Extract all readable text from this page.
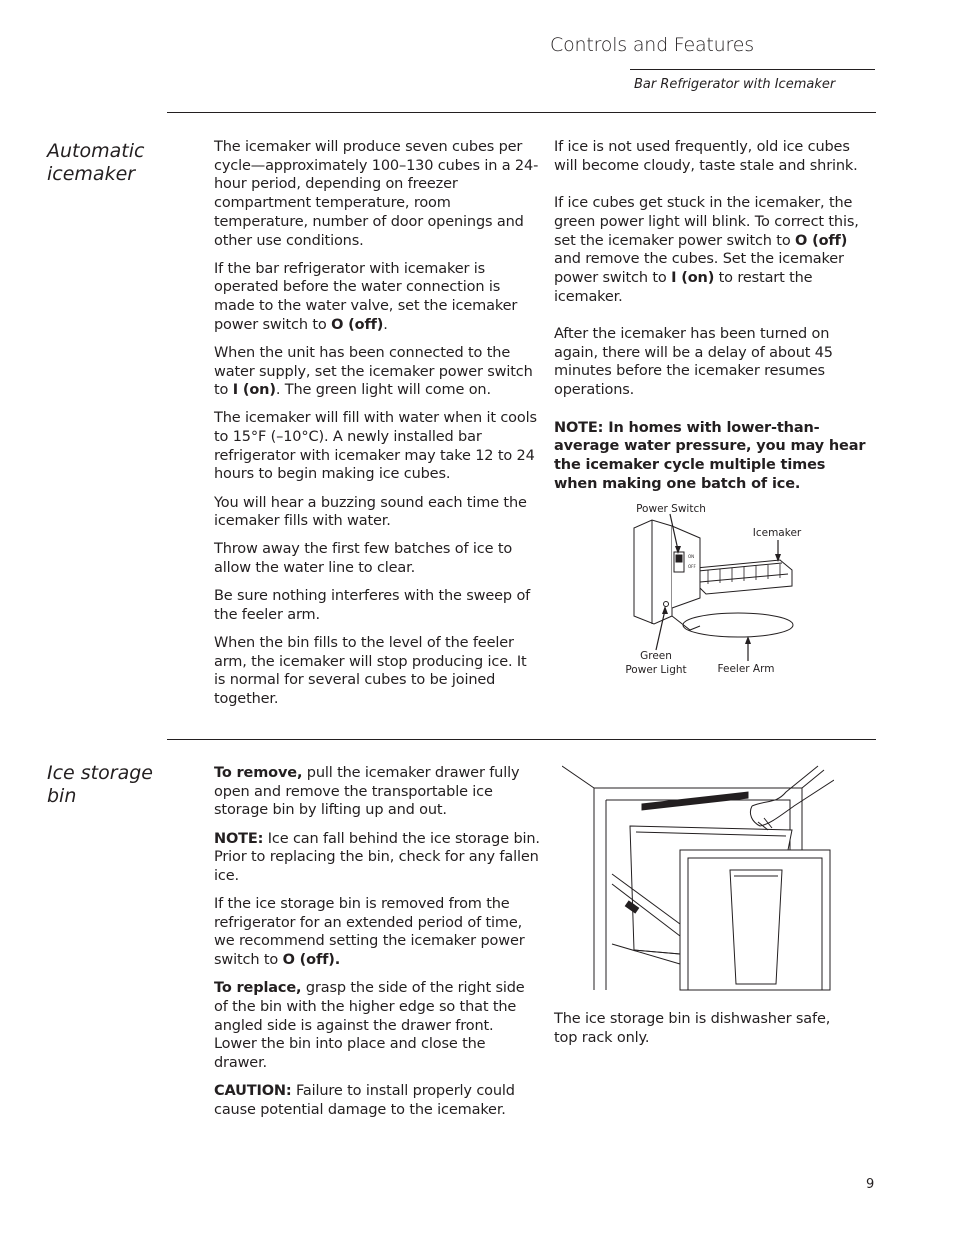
Controls and Features
Bar Refrigerator with Icemaker
Automatic
icemaker

The icemaker will produce seven cubes per cycle—approximately 100–130 cubes in a 24-hour period, depending on freezer compartment temperature, room temperature, number of door openings and other use conditions.

If the bar refrigerator with icemaker is operated before the water connection is made to the water valve, set the icemaker power switch to O (off).

When the unit has been connected to the water supply, set the icemaker power switch to I (on). The green light will come on.

The icemaker will fill with water when it cools to 15°F (–10°C). A newly installed bar refrigerator with icemaker may take 12 to 24 hours to begin making ice cubes.

You will hear a buzzing sound each time the icemaker fills with water.

Throw away the first few batches of ice to allow the water line to clear.

Be sure nothing interferes with the sweep of the feeler arm.

When the bin fills to the level of the feeler arm, the icemaker will stop producing ice. It is normal for several cubes to be joined together.

If ice is not used frequently, old ice cubes will become cloudy, taste stale and shrink.

If ice cubes get stuck in the icemaker, the green power light will blink. To correct this, set the icemaker power switch to O (off) and remove the cubes. Set the icemaker power switch to I (on) to restart the icemaker.

After the icemaker has been turned on again, there will be a delay of about 45 minutes before the icemaker resumes operations.

NOTE: In homes with lower-than-average water pressure, you may hear the icemaker cycle multiple times when making one batch of ice.

ON
OFF
Power Switch
Icemaker
Green
Power Light	Feeler Arm
Ice storage
bin

To remove, pull the icemaker drawer fully open and remove the transportable ice storage bin by lifting up and out.

NOTE: Ice can fall behind the ice storage bin. Prior to replacing the bin, check for any fallen ice.

If the ice storage bin is removed from the refrigerator for an extended period of time, we recommend setting the icemaker power switch to O (off).

To replace, grasp the side of the right side of the bin with the higher edge so that the angled side is against the drawer front. Lower the bin into place and close the drawer.

CAUTION: Failure to install properly could cause potential damage to the icemaker.

The ice storage bin is dishwasher safe, top rack only.
9
